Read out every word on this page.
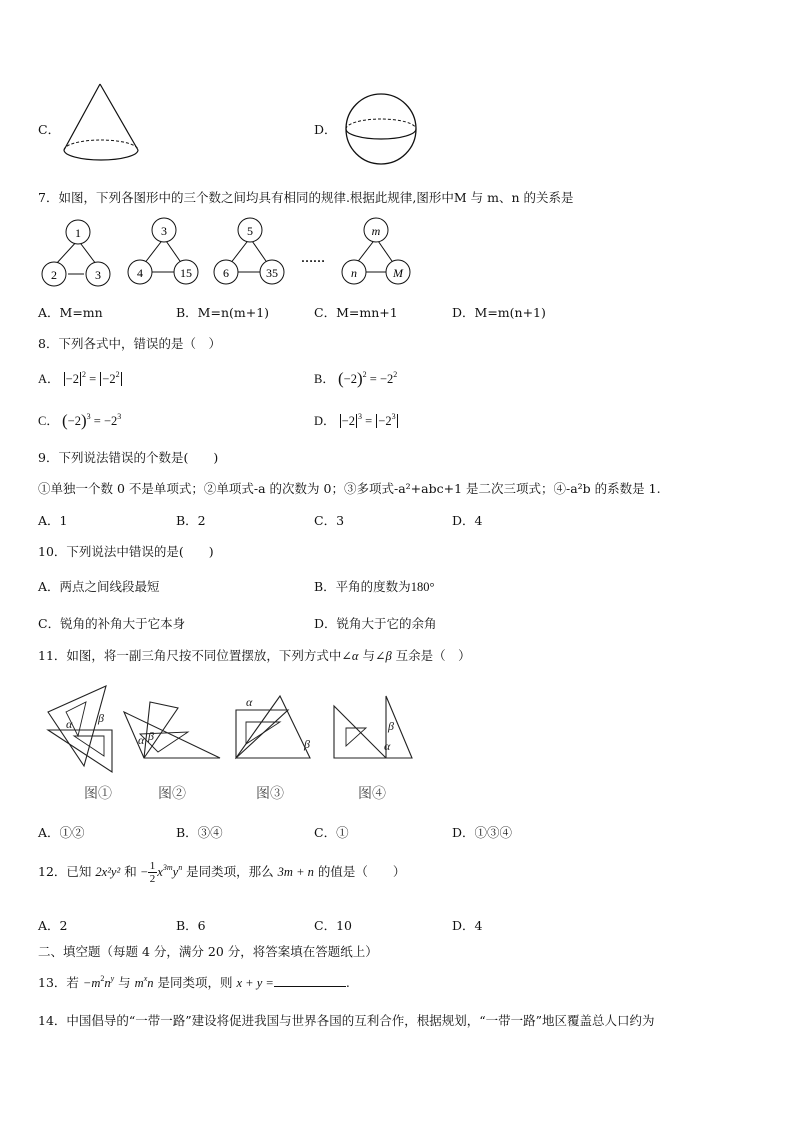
C．	D．
7．如图，下列各图形中的三个数之间均具有相同的规律.根据此规律,图形中M 与 m、n 的关系是
1
2	3
3
4	15
5
6	35
……
m
n	M
A．M=mn	B．M=n(m+1)	C．M=mn+1	D．M=m(n+1)
8．下列各式中，错误的是（　）
A． −2 $^2 = -2^2$	B． $(-2)^2 = -2^2$
C． $(-2)^3 = -2^3$	D． −2 $^3 = -2^3$
9．下列说法错误的个数是(　　)
①单独一个数 0 不是单项式；②单项式-a 的次数为 0；③多项式-a²+abc+1 是二次三项式；④-a²b 的系数是 1.
A．1	B．2	C．3	D．4
10．下列说法中错误的是(　　)
A．两点之间线段最短	B．平角的度数为180°
C．锐角的补角大于它本身	D．锐角大于它的余角
11．如图，将一副三角尺按不同位置摆放，下列方式中∠α 与∠β 互余是（　）
α β
图①
α β
图②
α
β
图③
β
α
图④
A．①②	B．③④	C．①	D．①③④
12．已知 2x²y² 和 − $\frac{1}{2} x^{3m}y^n$ 是同类项，那么 3m + n 的值是（　　）
A．2	B．6	C．10	D．4
二、填空题（每题 4 分，满分 20 分，将答案填在答题纸上）
13．若 $-m^2n^y$ 与 $m^xn$ 是同类项，则 x + y =	.
14．中国倡导的“一带一路”建设将促进我国与世界各国的互利合作，根据规划，“一带一路”地区覆盖总人口约为
